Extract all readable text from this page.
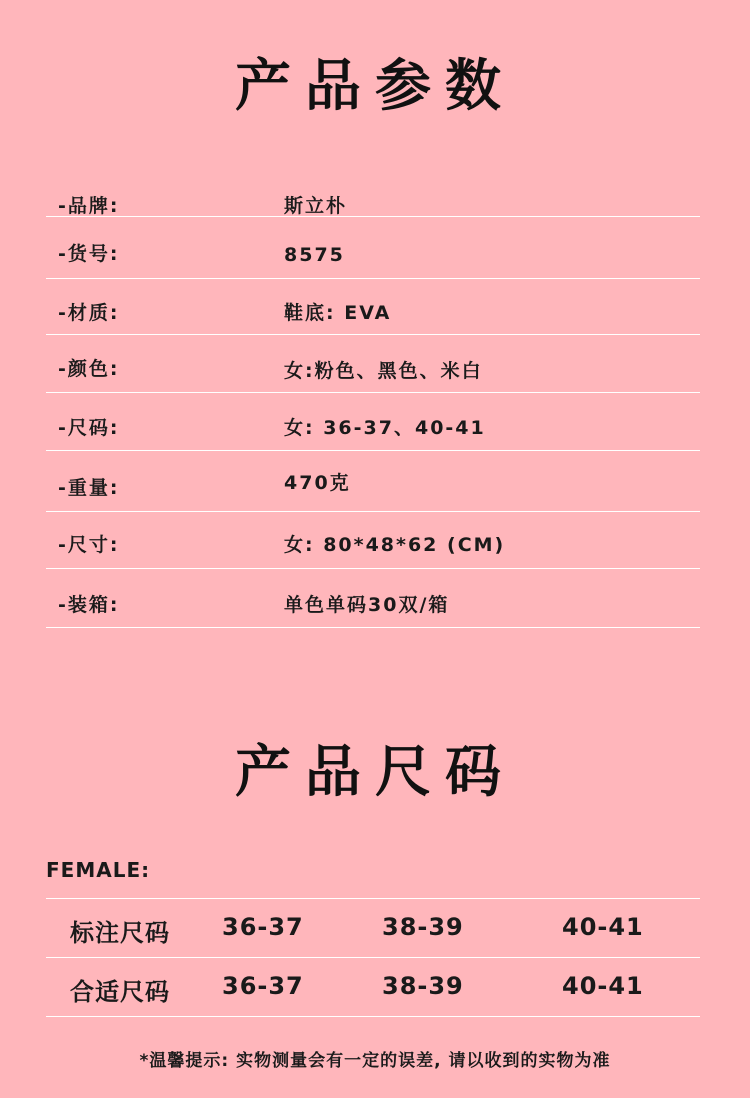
产品参数
-品牌:	斯立朴
-货号:	8575
-材质:	鞋底: EVA
-颜色:	女:粉色、黑色、米白
-尺码:	女: 36-37、40-41
-重量:	470克
-尺寸:	女: 80*48*62 (CM)
-装箱:	单色单码30双/箱
产品尺码
FEMALE:
标注尺码 36-37	38-39	40-41
合适尺码 36-37	38-39	40-41
*温馨提示: 实物测量会有一定的误差, 请以收到的实物为准
